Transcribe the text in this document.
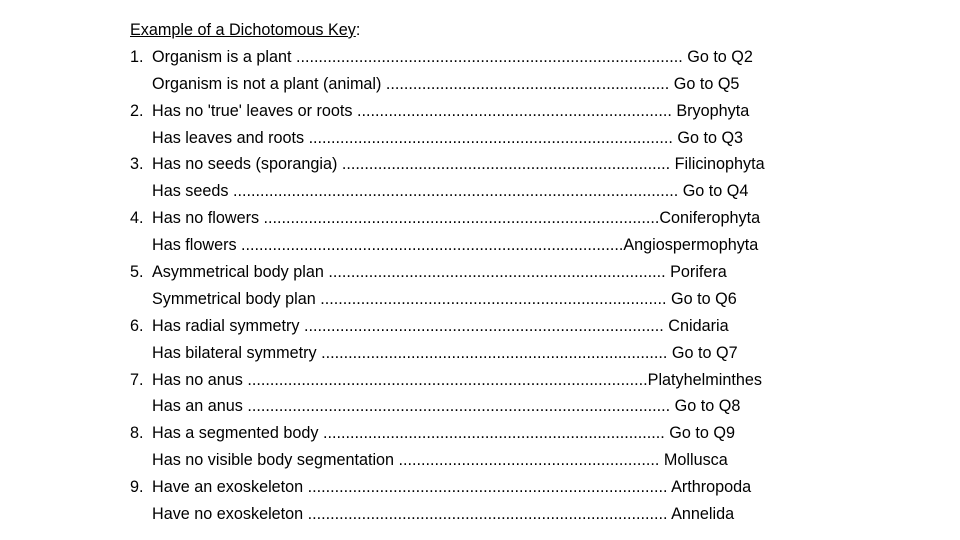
Example of a Dichotomous Key:
1. Organism is a plant ...................................................................................... Go to Q2
Organism is not a plant (animal) ............................................................... Go to Q5
2. Has no 'true' leaves or roots ...................................................................... Bryophyta
Has leaves and roots ................................................................................. Go to Q3
3. Has no seeds (sporangia) ......................................................................... Filicinophyta
Has seeds ................................................................................................... Go to Q4
4. Has no flowers ........................................................................................Coniferophyta
Has flowers .....................................................................................Angiospermophyta
5. Asymmetrical body plan ........................................................................... Porifera
Symmetrical body plan ............................................................................. Go to Q6
6. Has radial symmetry ................................................................................ Cnidaria
Has bilateral symmetry ............................................................................. Go to Q7
7. Has no anus .........................................................................................Platyhelminthes
Has an anus .............................................................................................. Go to Q8
8. Has a segmented body ............................................................................ Go to Q9
Has no visible body segmentation .......................................................... Mollusca
9. Have an exoskeleton ................................................................................ Arthropoda
Have no exoskeleton ................................................................................ Annelida
